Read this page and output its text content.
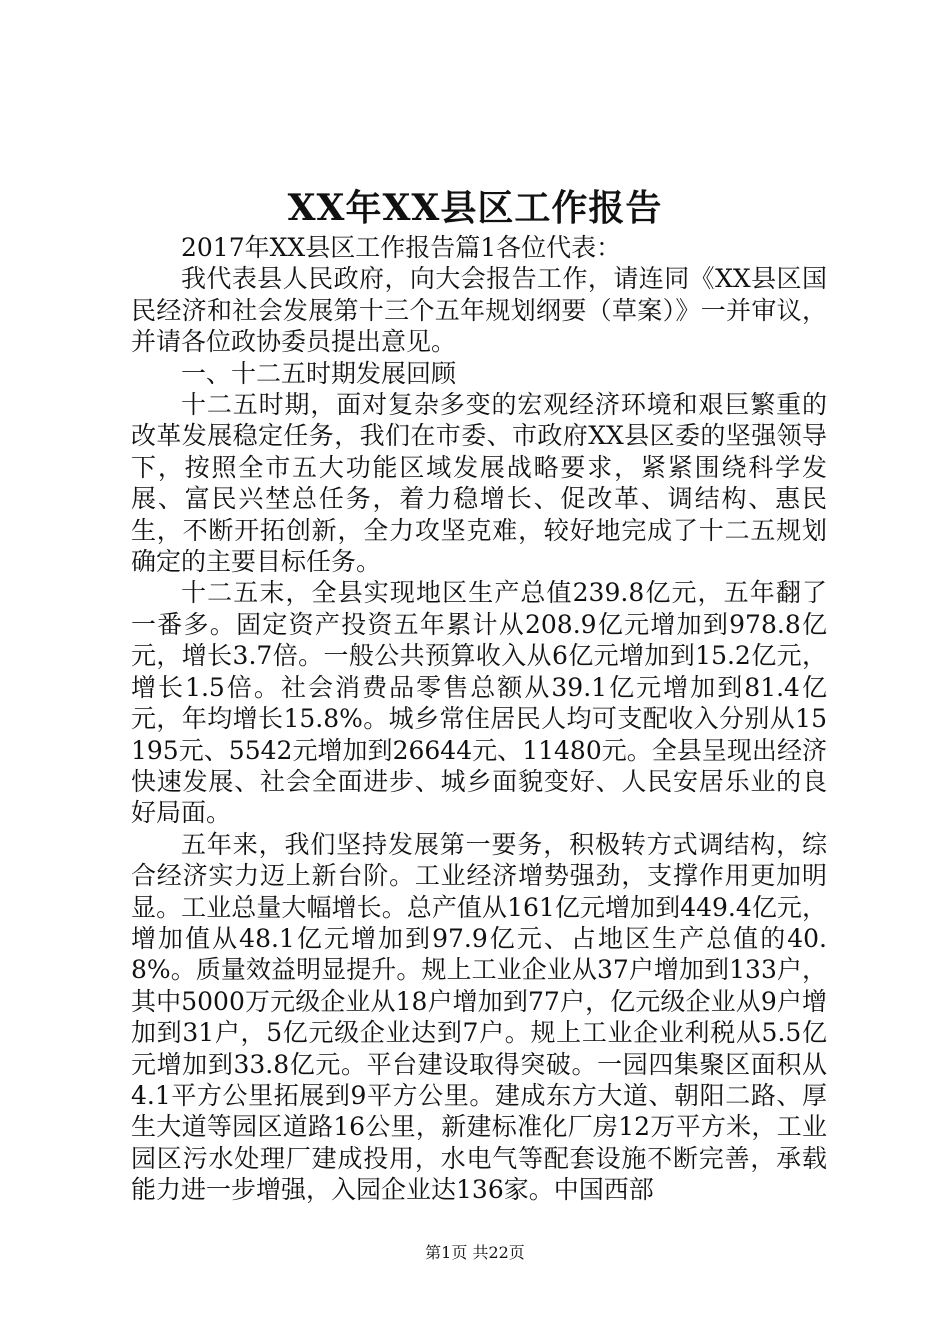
XX年XX县区工作报告

2017年XX县区工作报告篇1各位代表：

我代表县人民政府，向大会报告工作，请连同《XX县区国民经济和社会发展第十三个五年规划纲要（草案）》一并审议，并请各位政协委员提出意见。

一、十二五时期发展回顾

十二五时期，面对复杂多变的宏观经济环境和艰巨繁重的改革发展稳定任务，我们在市委、市政府XX县区委的坚强领导下，按照全市五大功能区域发展战略要求，紧紧围绕科学发展、富民兴埜总任务，着力稳增长、促改革、调结构、惠民生，不断开拓创新，全力攻坚克难，较好地完成了十二五规划确定的主要目标任务。

十二五末，全县实现地区生产总值239.8亿元，五年翻了一番多。固定资产投资五年累计从208.9亿元增加到978.8亿元，增长3.7倍。一般公共预算收入从6亿元增加到15.2亿元，增长1.5倍。社会消费品零售总额从39.1亿元增加到81.4亿元，年均增长15.8%。城乡常住居民人均可支配收入分别从15195元、5542元增加到26644元、11480元。全县呈现出经济快速发展、社会全面进步、城乡面貌变好、人民安居乐业的良好局面。

五年来，我们坚持发展第一要务，积极转方式调结构，综合经济实力迈上新台阶。工业经济增势强劲，支撑作用更加明显。工业总量大幅增长。总产值从161亿元增加到449.4亿元，增加值从48.1亿元增加到97.9亿元、占地区生产总值的40.8%。质量效益明显提升。规上工业企业从37户增加到133户，其中5000万元级企业从18户增加到77户，亿元级企业从9户增加到31户，5亿元级企业达到7户。规上工业企业利税从5.5亿元增加到33.8亿元。平台建设取得突破。一园四集聚区面积从4.1平方公里拓展到9平方公里。建成东方大道、朝阳二路、厚生大道等园区道路16公里，新建标准化厂房12万平方米，工业园区污水处理厂建成投用，水电气等配套设施不断完善，承载能力进一步增强，入园企业达136家。中国西部

第1页 共22页
